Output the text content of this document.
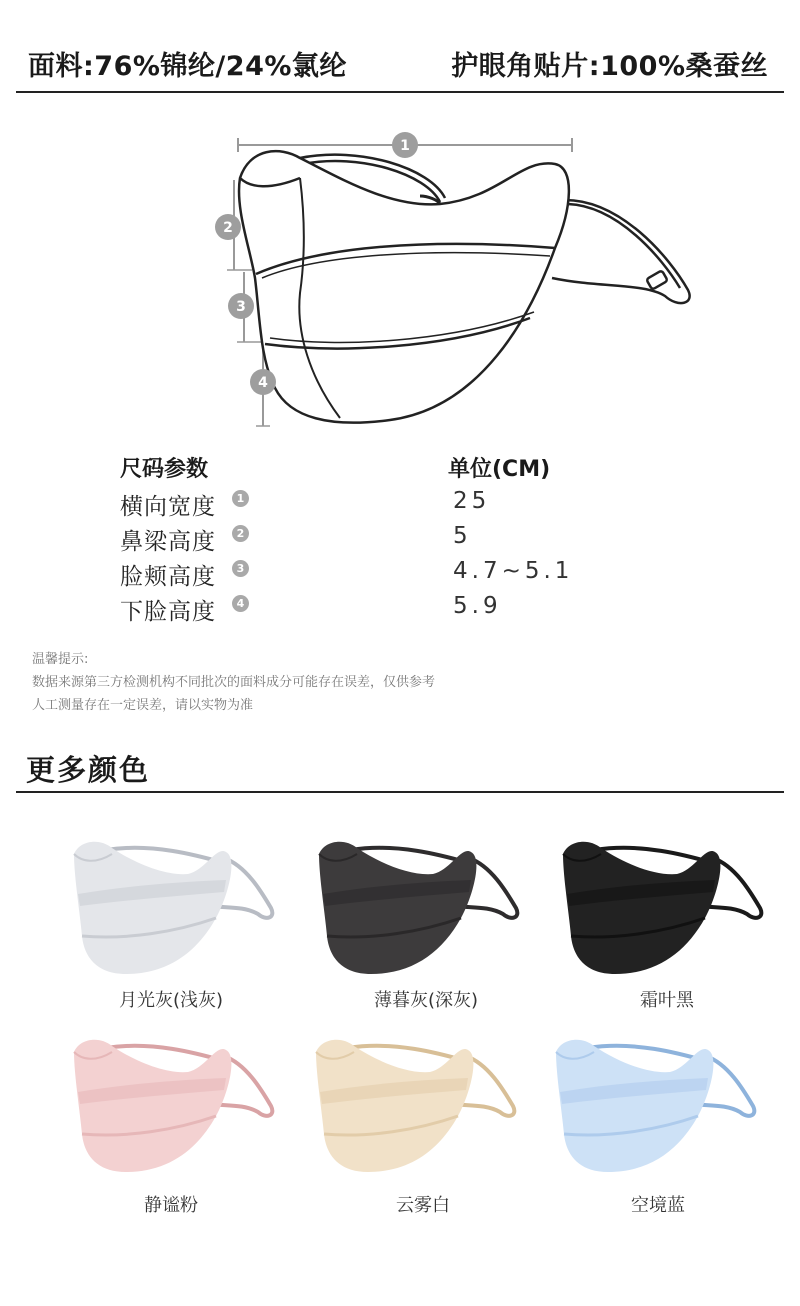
面料:76%锦纶/24%氯纶	护眼角贴片:100%桑蚕丝
1
2
3
4
尺码参数	单位(CM)
横向宽度	1	25
鼻梁高度	2	5
脸颊高度	3	4.7~5.1
下脸高度	4	5.9
温馨提示:
数据来源第三方检测机构不同批次的面料成分可能存在误差，仅供参考
人工测量存在一定误差，请以实物为准
更多颜色
月光灰(浅灰)	薄暮灰(深灰)	霜叶黑
静谧粉	云雾白	空境蓝
